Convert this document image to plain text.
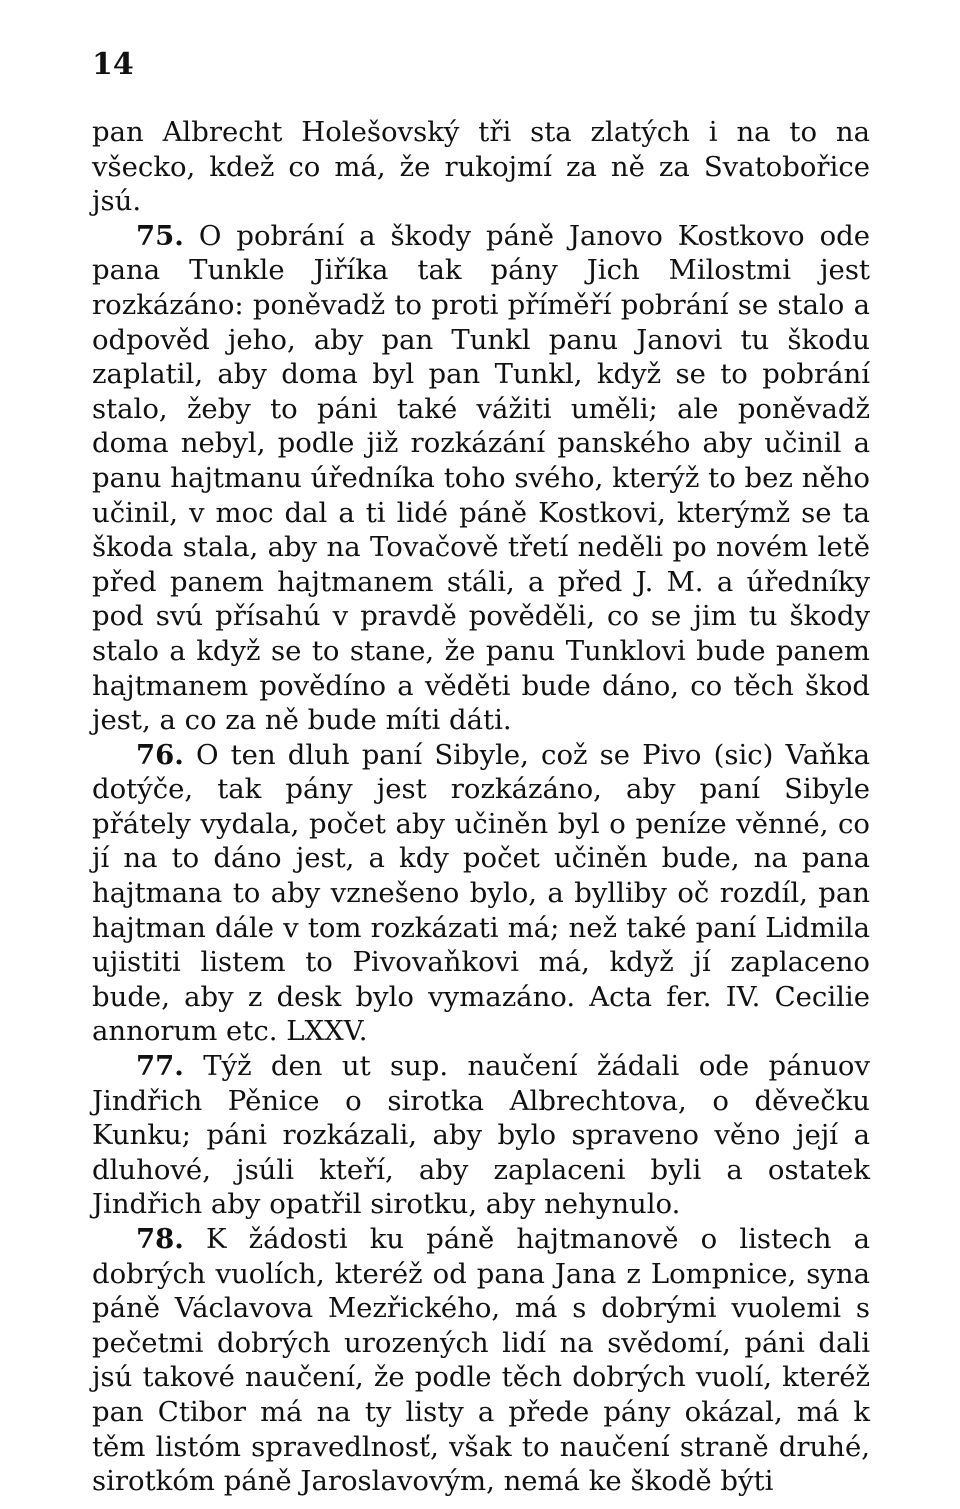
14

pan Albrecht Holešovský tři sta zlatých i na to na všecko, kdež co má, že rukojmí za ně za Svatobořice jsú.

75. O pobrání a škody páně Janovo Kostkovo ode pana Tunkle Jiříka tak pány Jich Milostmi jest rozkázáno: poněvadž to proti příměří pobrání se stalo a odpověd jeho, aby pan Tunkl panu Janovi tu škodu zaplatil, aby doma byl pan Tunkl, když se to pobrání stalo, žeby to páni také vážiti uměli; ale poněvadž doma nebyl, podle již rozkázání panského aby učinil a panu hajtmanu úředníka toho svého, kterýž to bez něho učinil, v moc dal a ti lidé páně Kostkovi, kterýmž se ta škoda stala, aby na Tovačově třetí neděli po novém letě před panem hajtmanem stáli, a před J. M. a úředníky pod svú přísahú v pravdě pověděli, co se jim tu škody stalo a když se to stane, že panu Tunklovi bude panem hajtmanem povědíno a věděti bude dáno, co těch škod jest, a co za ně bude míti dáti.

76. O ten dluh paní Sibyle, což se Pivo (sic) Vaňka dotýče, tak pány jest rozkázáno, aby paní Sibyle přátely vydala, počet aby učiněn byl o peníze věnné, co jí na to dáno jest, a kdy počet učiněn bude, na pana hajtmana to aby vznešeno bylo, a bylliby oč rozdíl, pan hajtman dále v tom rozkázati má; než také paní Lidmila ujistiti listem to Pivovaňkovi má, když jí zaplaceno bude, aby z desk bylo vymazáno. Acta fer. IV. Cecilie annorum etc. LXXV.

77. Týž den ut sup. naučení žádali ode pánuov Jindřich Pěnice o sirotka Albrechtova, o děvečku Kunku; páni rozkázali, aby bylo spraveno věno její a dluhové, jsúli kteří, aby zaplaceni byli a ostatek Jindřich aby opatřil sirotku, aby nehynulo.

78. K žádosti ku páně hajtmanově o listech a dobrých vuolích, kteréž od pana Jana z Lompnice, syna páně Václavova Mezřického, má s dobrými vuolemi s pečetmi dobrých urozených lidí na svědomí, páni dali jsú takové naučení, že podle těch dobrých vuolí, kteréž pan Ctibor má na ty listy a přede pány okázal, má k těm listóm spravedlnosť, však to naučení straně druhé, sirotkóm páně Jaroslavovým, nemá ke škodě býti
